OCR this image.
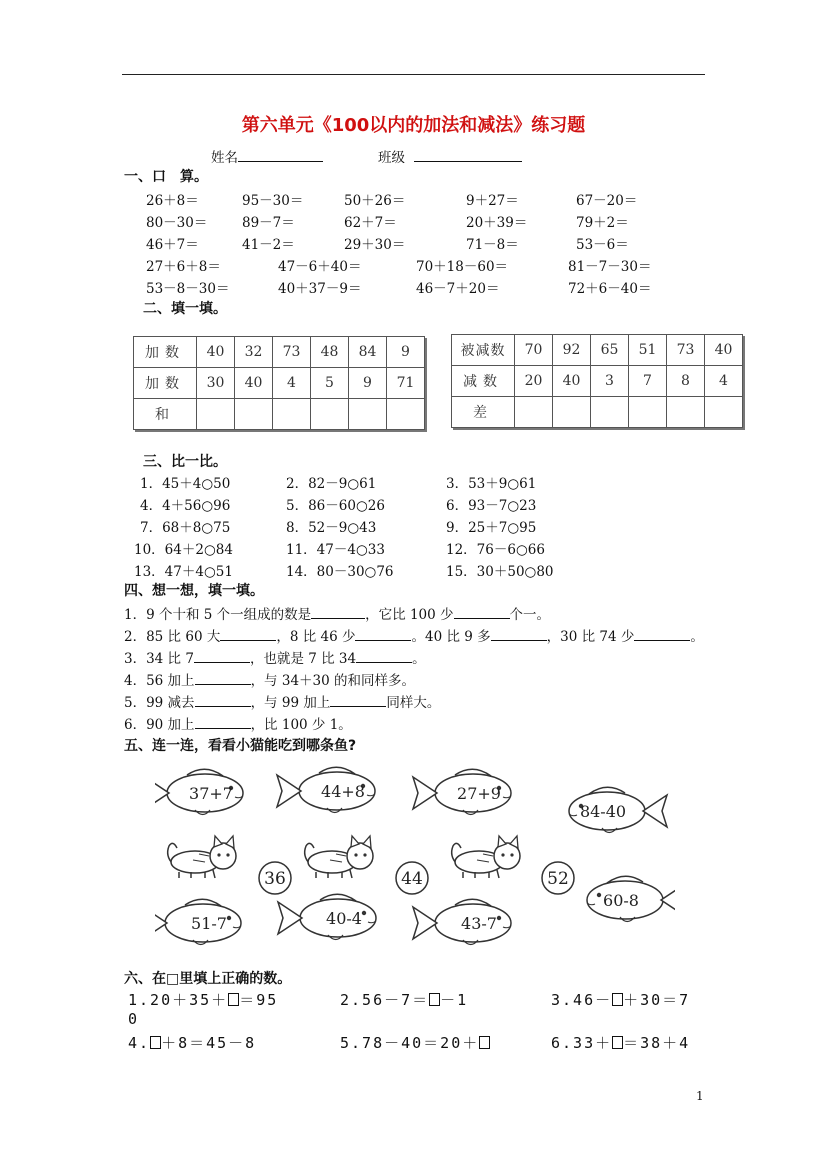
第六单元《100以内的加法和减法》练习题
姓名	班级
一、口　算。
26＋8＝	95－30＝	50＋26＝	9＋27＝	67－20＝
80－30＝	89－7＝	62＋7＝	20＋39＝	79＋2＝
46＋7＝	41－2＝	29＋30＝	71－8＝	53－6＝
27＋6＋8＝	47－6＋40＝	70＋18－60＝	81－7－30＝
53－8－30＝	40＋37－9＝	46－7＋20＝	72＋6－40＝
二、填一填。
加数	40	32	73	48	84	9
加数	30	40	4	5	9	71
和						
被减数	70	92	65	51	73	40
减数	20	40	3	7	8	4
差						
三、比一比。
1．45＋4○50	2．82－9○61	3．53＋9○61
4．4＋56○96	5．86－60○26	6．93－7○23
7．68＋8○75	8．52－9○43	9．25＋7○95
10．64＋2○84	11．47－4○33	12．76－6○66
13．47＋4○51	14．80－30○76	15．30＋50○80
四、想一想，填一填。
1．9 个十和 5 个一组成的数是	，它比 100 少	个一。
2．85 比 60 大	，8 比 46 少	。40 比 9 多	，30 比 74 少	。
3．34 比 7	，也就是 7 比 34	。
4．56 加上	，与 34＋30 的和同样多。
5．99 减去	，与 99 加上	同样大。
6．90 加上	，比 100 少 1。
五、连一连，看看小猫能吃到哪条鱼?
37+7	44+8	27+9
84-40
51-7	40-4	43-7
60-8
36	44	52
六、在□里填上正确的数。
1.20＋35＋ ＝95	2.56－7＝ －1	3.46－ ＋30＝7
0
4. ＋8＝45－8	5.78－40＝20＋	6.33＋ ＝38＋4
1
